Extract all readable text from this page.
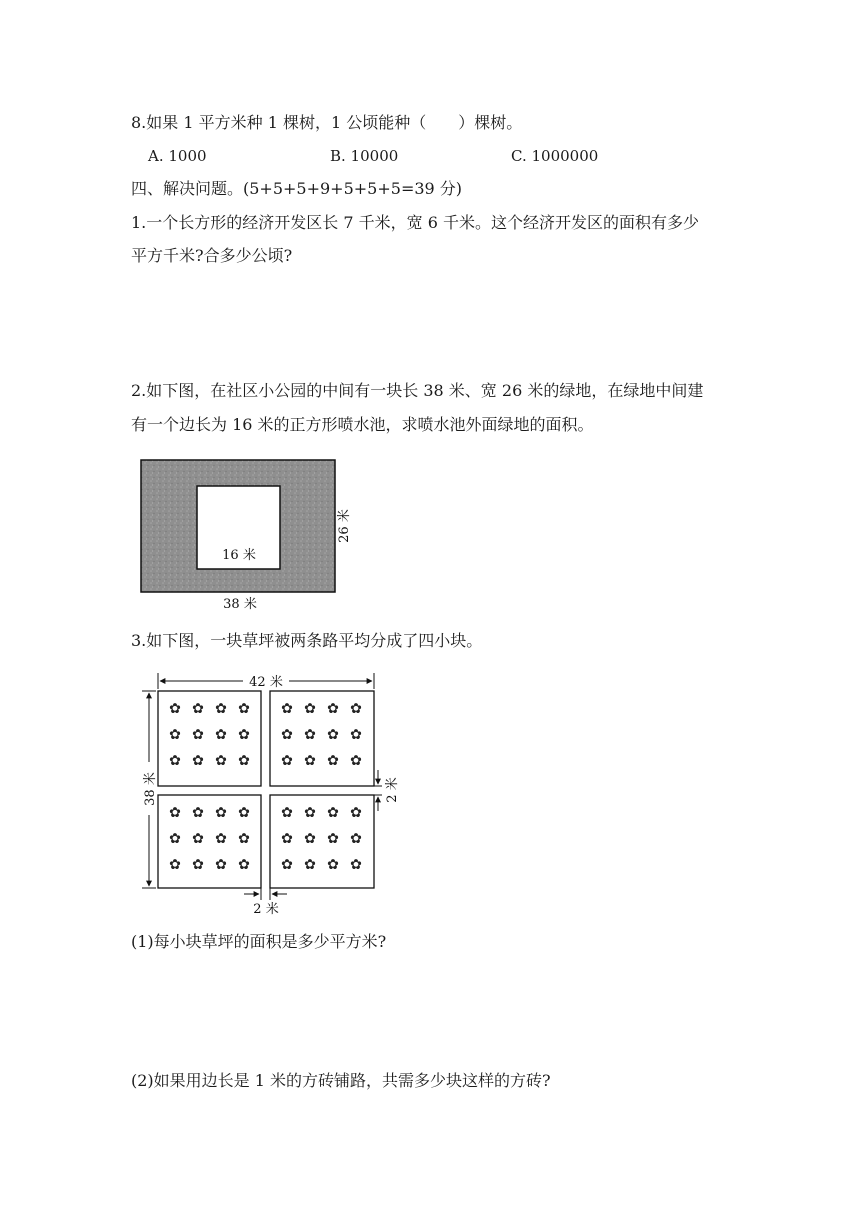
8.如果 1 平方米种 1 棵树，1 公顷能种（　　）棵树。
A. 1000	B. 10000	C. 1000000
四、解决问题。(5+5+5+9+5+5+5=39 分)
1.一个长方形的经济开发区长 7 千米，宽 6 千米。这个经济开发区的面积有多少
平方千米?合多少公顷?
2.如下图，在社区小公园的中间有一块长 38 米、宽 26 米的绿地，在绿地中间建
有一个边长为 16 米的正方形喷水池，求喷水池外面绿地的面积。
16 米
26 米
38 米
3.如下图，一块草坪被两条路平均分成了四小块。
42 米
38 米	2 米
2 米
✿ ✿ ✿ ✿
✿ ✿ ✿ ✿
✿ ✿ ✿ ✿
✿ ✿ ✿ ✿
✿ ✿ ✿ ✿
✿ ✿ ✿ ✿
✿ ✿ ✿ ✿
✿ ✿ ✿ ✿
✿ ✿ ✿ ✿
✿ ✿ ✿ ✿
✿ ✿ ✿ ✿
✿ ✿ ✿ ✿
(1)每小块草坪的面积是多少平方米?
(2)如果用边长是 1 米的方砖铺路，共需多少块这样的方砖?
